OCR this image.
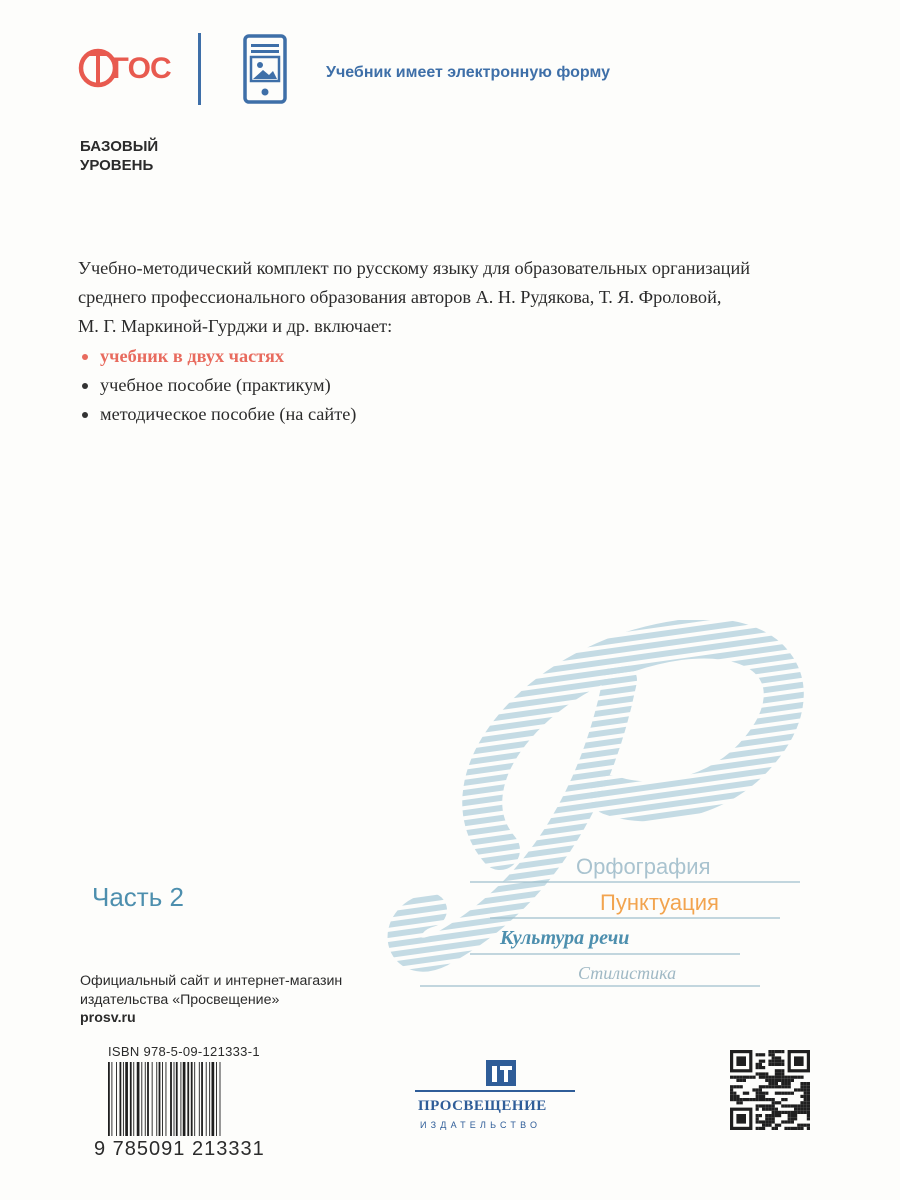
ГОС	Учебник имеет электронную форму
БАЗОВЫЙ
УРОВЕНЬ
Учебно-методический комплект по русскому языку для образовательных организаций
среднего профессионального образования авторов А. Н. Рудякова, Т. Я. Фроловой,
М. Г. Маркиной-Гурджи и др. включает:
учебник в двух частях
учебное пособие (практикум)
методическое пособие (на сайте)
Часть 2
Орфография
Пунктуация
Культура речи
Стилистика
Официальный сайт и интернет-магазин
издательства «Просвещение»
prosv.ru
ISBN 978-5-09-121333-1
9 785091 213331
ПРОСВЕЩЕНИЕ
ИЗДАТЕЛЬСТВО
